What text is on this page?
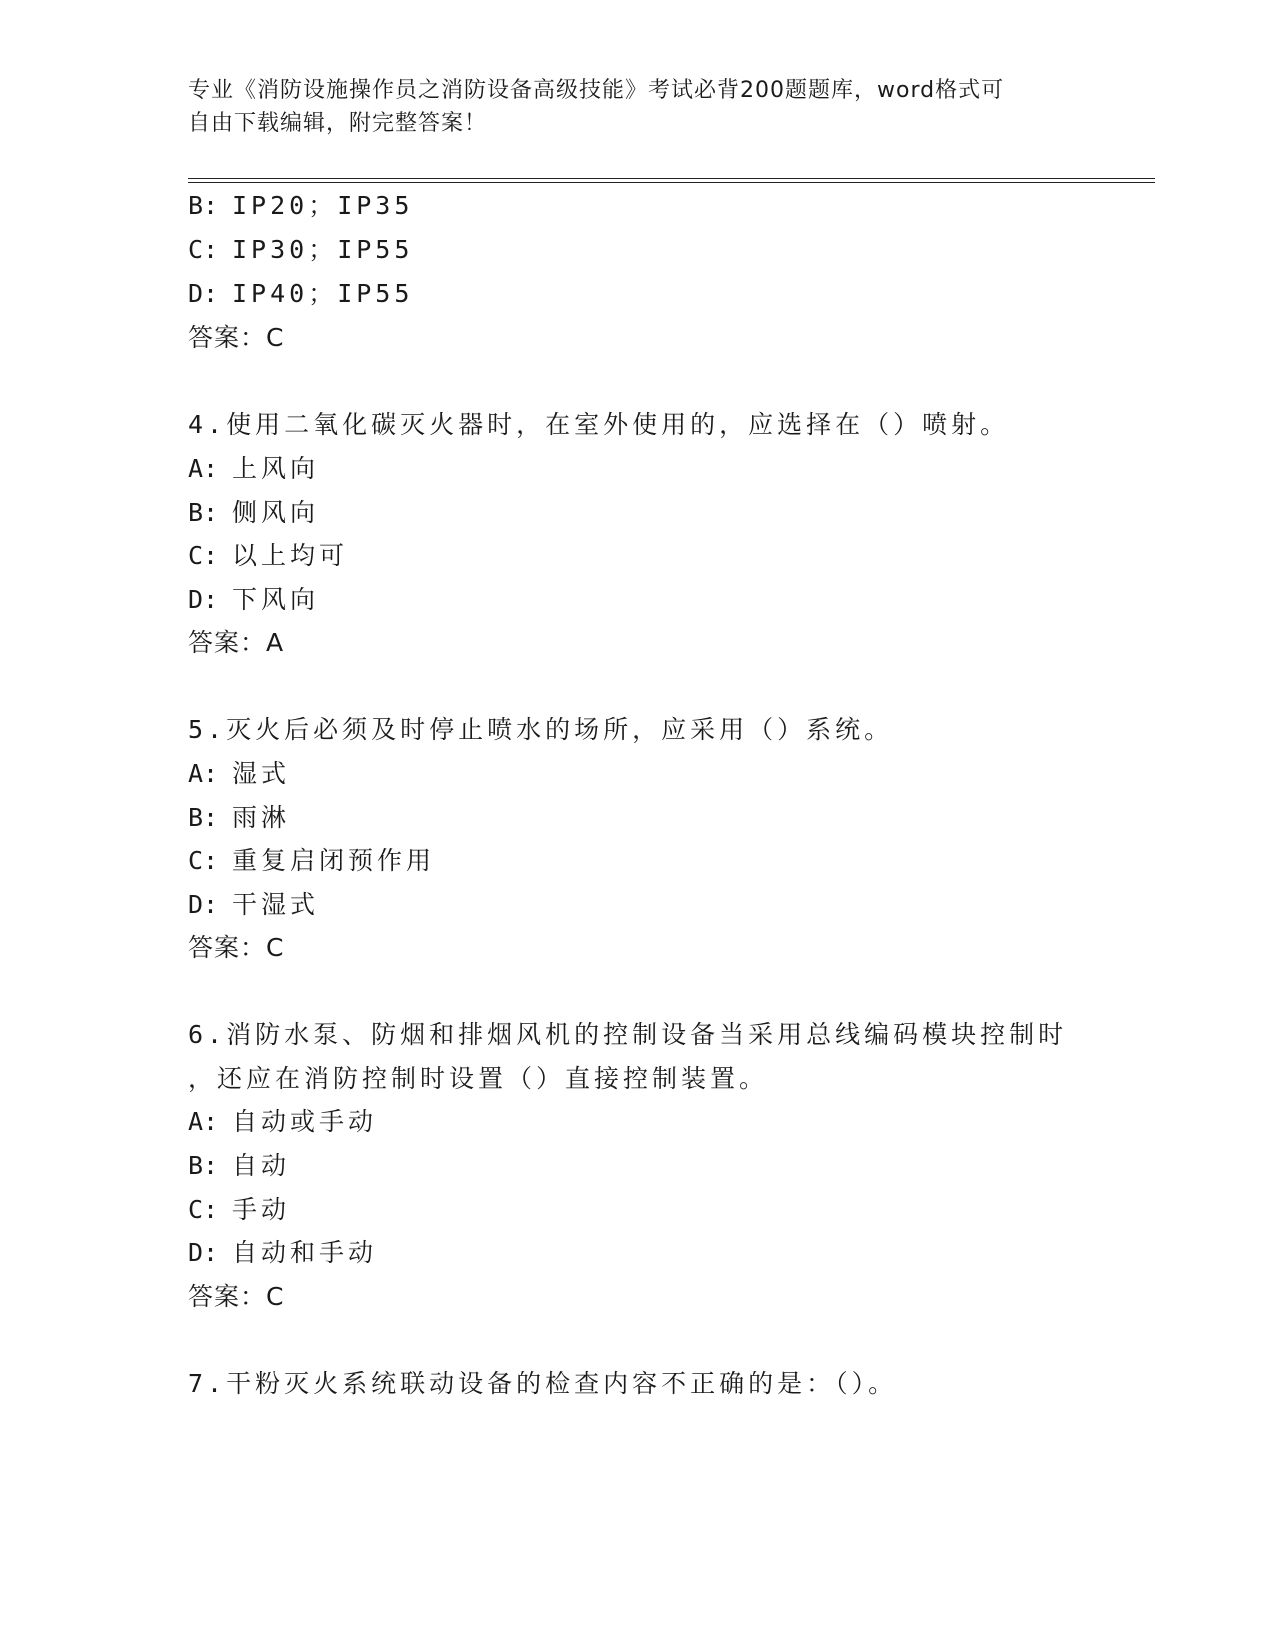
专业《消防设施操作员之消防设备高级技能》考试必背200题题库，word格式可
自由下载编辑，附完整答案！
B: IP20；IP35
C: IP30；IP55
D: IP40；IP55
答案：C
4.使用二氧化碳灭火器时，在室外使用的，应选择在（）喷射。
A: 上风向
B: 侧风向
C: 以上均可
D: 下风向
答案：A
5.灭火后必须及时停止喷水的场所，应采用（）系统。
A: 湿式
B: 雨淋
C: 重复启闭预作用
D: 干湿式
答案：C
6.消防水泵、防烟和排烟风机的控制设备当采用总线编码模块控制时
，还应在消防控制时设置（）直接控制装置。
A: 自动或手动
B: 自动
C: 手动
D: 自动和手动
答案：C
7.干粉灭火系统联动设备的检查内容不正确的是：（）。
